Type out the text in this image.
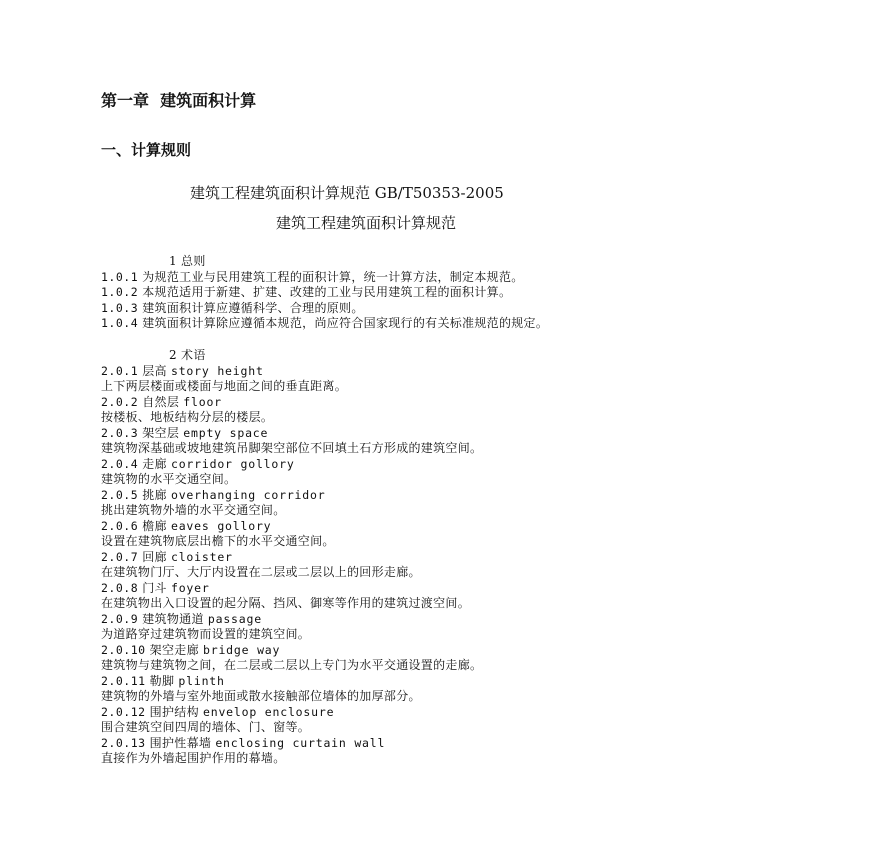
第一章  建筑面积计算
一、计算规则
建筑工程建筑面积计算规范 GB/T50353-2005
建筑工程建筑面积计算规范
1 总则
1.0.1 为规范工业与民用建筑工程的面积计算，统一计算方法，制定本规范。
1.0.2 本规范适用于新建、扩建、改建的工业与民用建筑工程的面积计算。
1.0.3 建筑面积计算应遵循科学、合理的原则。
1.0.4 建筑面积计算除应遵循本规范，尚应符合国家现行的有关标准规范的规定。
2 术语
2.0.1 层高 story height
上下两层楼面或楼面与地面之间的垂直距离。
2.0.2 自然层 floor
按楼板、地板结构分层的楼层。
2.0.3 架空层 empty space
建筑物深基础或坡地建筑吊脚架空部位不回填土石方形成的建筑空间。
2.0.4 走廊 corridor gollory
建筑物的水平交通空间。
2.0.5 挑廊 overhanging corridor
挑出建筑物外墙的水平交通空间。
2.0.6 檐廊 eaves gollory
设置在建筑物底层出檐下的水平交通空间。
2.0.7 回廊 cloister
在建筑物门厅、大厅内设置在二层或二层以上的回形走廊。
2.0.8 门斗 foyer
在建筑物出入口设置的起分隔、挡风、御寒等作用的建筑过渡空间。
2.0.9 建筑物通道 passage
为道路穿过建筑物而设置的建筑空间。
2.0.10 架空走廊 bridge way
建筑物与建筑物之间，在二层或二层以上专门为水平交通设置的走廊。
2.0.11 勒脚 plinth
建筑物的外墙与室外地面或散水接触部位墙体的加厚部分。
2.0.12 围护结构 envelop enclosure
围合建筑空间四周的墙体、门、窗等。
2.0.13 围护性幕墙 enclosing curtain wall
直接作为外墙起围护作用的幕墙。
